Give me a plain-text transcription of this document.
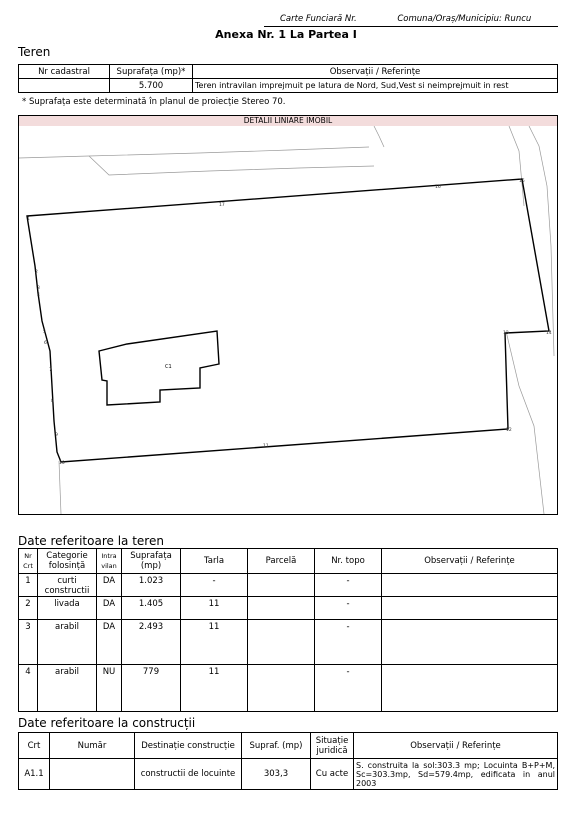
Carte Funciară Nr.	Comuna/Oraș/Municipiu: Runcu
Anexa Nr. 1 La Partea I
Teren
Nr cadastral	Suprafața (mp)*	Observații / Referințe
	5.700	Teren intravilan imprejmuit pe latura de Nord, Sud,Vest si neimprejmuit in rest
* Suprafața este determinată în planul de proiecție Stereo 70.
DETALII LINIARE IMOBIL
C1
1
2
3
4
5
6
7
8
9
10
11
12
13	14
15
16
17
Date referitoare la teren
Nr Crt	Categorie folosință	Intra vilan	Suprafața (mp)	Tarla	Parcelă	Nr. topo	Observații / Referințe
1	curti constructii	DA	1.023	-		-	
2	livada	DA	1.405	11		-	
3	arabil	DA	2.493	11		-	
4	arabil	NU	779	11		-	
Date referitoare la construcții
Crt	Număr	Destinație construcție	Supraf. (mp)	Situație juridică	Observații / Referințe
A1.1		constructii de locuinte	303,3	Cu acte	S. construita la sol:303.3 mp; Locuinta B+P+M, Sc=303.3mp, Sd=579.4mp, edificata in anul 2003
